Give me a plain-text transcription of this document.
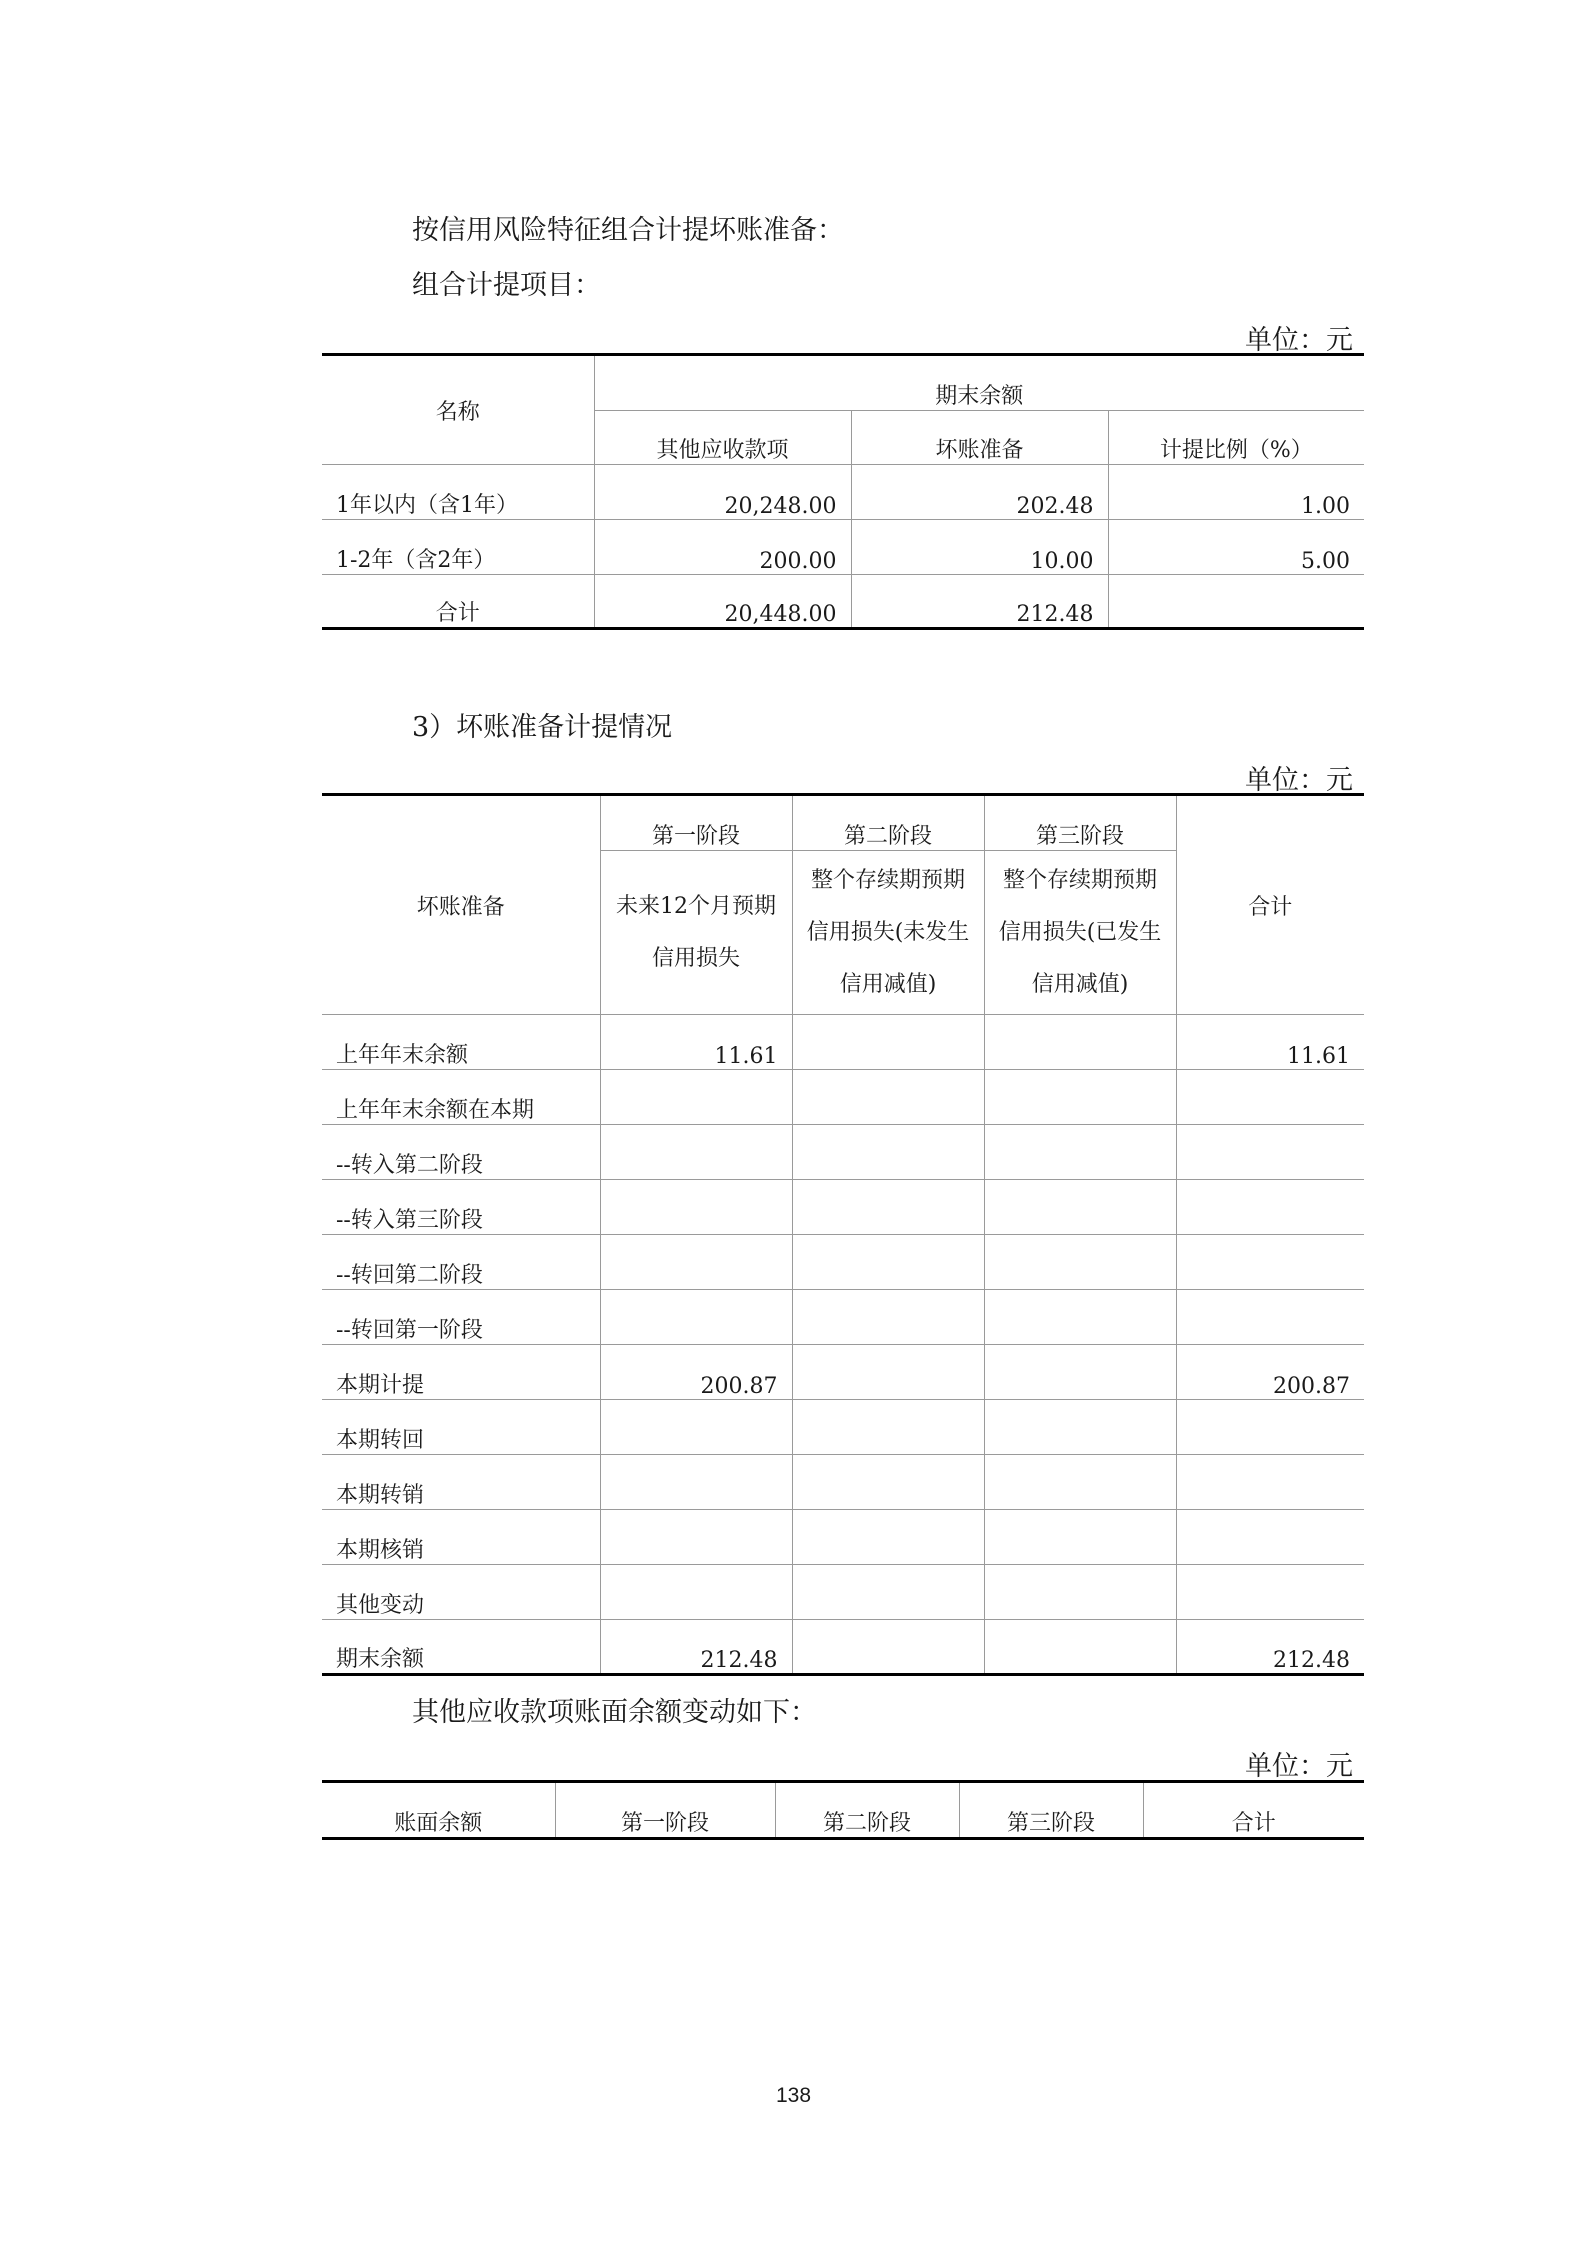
按信用风险特征组合计提坏账准备：
组合计提项目：
单位：元
名称	期末余额		
	其他应收款项	坏账准备	计提比例（%）
1年以内（含1年）	20,248.00	202.48	1.00
1-2年（含2年）	200.00	10.00	5.00
合计	20,448.00	212.48	
3）坏账准备计提情况
单位：元
坏账准备	第一阶段	第二阶段	第三阶段	合计
	未来12个月预期信用损失	整个存续期预期信用损失(未发生信用减值)	整个存续期预期信用损失(已发生信用减值)	
上年年末余额	11.61			11.61
上年年末余额在本期				
--转入第二阶段				
--转入第三阶段				
--转回第二阶段				
--转回第一阶段				
本期计提	200.87			200.87
本期转回				
本期转销				
本期核销				
其他变动				
期末余额	212.48			212.48
其他应收款项账面余额变动如下：
单位：元
账面余额	第一阶段	第二阶段	第三阶段	合计
138
